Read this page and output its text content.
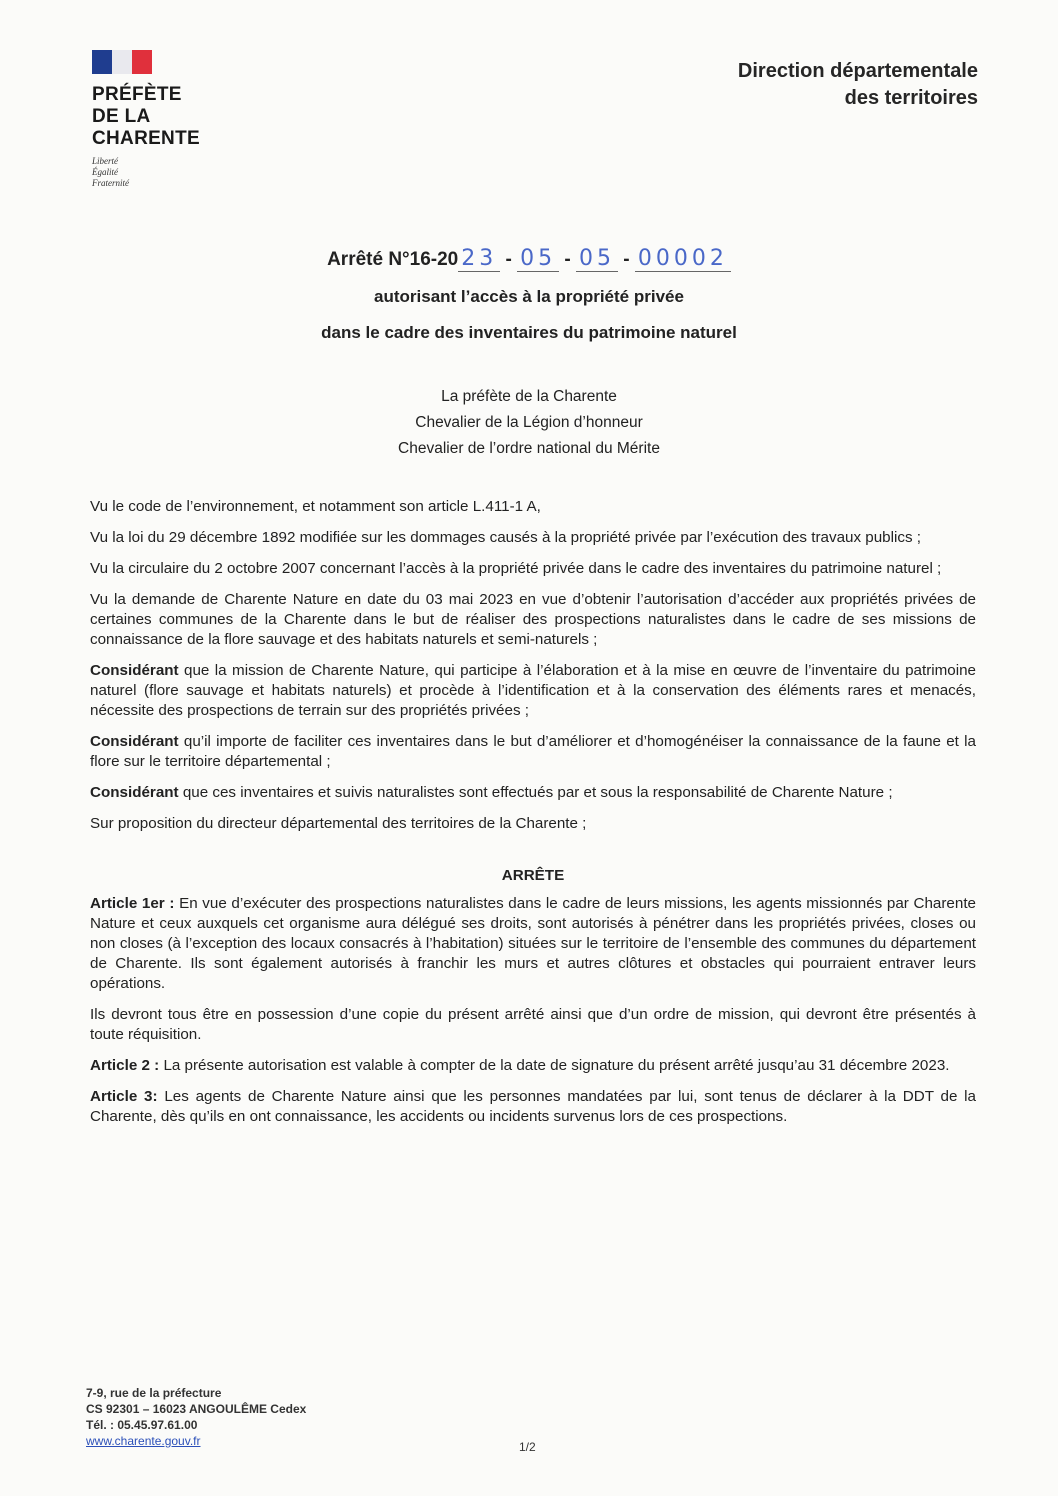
PRÉFÈTE
DE LA
CHARENTE
Liberté
Égalité
Fraternité
Direction départementale
des territoires
Arrêté N°16-20 23 - 05 - 05 - 00002
autorisant l’accès à la propriété privée
dans le cadre des inventaires du patrimoine naturel
La préfète de la Charente
Chevalier de la Légion d’honneur
Chevalier de l’ordre national du Mérite

Vu le code de l’environnement, et notamment son article L.411-1 A,

Vu la loi du 29 décembre 1892 modifiée sur les dommages causés à la propriété privée par l’exécution des travaux publics ;

Vu la circulaire du 2 octobre 2007 concernant l’accès à la propriété privée dans le cadre des inventaires du patrimoine naturel ;

Vu la demande de Charente Nature en date du 03 mai 2023 en vue d’obtenir l’autorisation d’accéder aux propriétés privées de certaines communes de la Charente dans le but de réaliser des prospections naturalistes dans le cadre de ses missions de connaissance de la flore sauvage et des habitats naturels et semi-naturels ;

Considérant que la mission de Charente Nature, qui participe à l’élaboration et à la mise en œuvre de l’inventaire du patrimoine naturel (flore sauvage et habitats naturels) et procède à l’identification et à la conservation des éléments rares et menacés, nécessite des prospections de terrain sur des propriétés privées ;

Considérant qu’il importe de faciliter ces inventaires dans le but d’améliorer et d’homogénéiser la connaissance de la faune et la flore sur le territoire départemental ;

Considérant que ces inventaires et suivis naturalistes sont effectués par et sous la responsabilité de Charente Nature ;

Sur proposition du directeur départemental des territoires de la Charente ;

ARRÊTE

Article 1er : En vue d’exécuter des prospections naturalistes dans le cadre de leurs missions, les agents missionnés par Charente Nature et ceux auxquels cet organisme aura délégué ses droits, sont autorisés à pénétrer dans les propriétés privées, closes ou non closes (à l’exception des locaux consacrés à l’habitation) situées sur le territoire de l’ensemble des communes du département de Charente. Ils sont également autorisés à franchir les murs et autres clôtures et obstacles qui pourraient entraver leurs opérations.

Ils devront tous être en possession d’une copie du présent arrêté ainsi que d’un ordre de mission, qui devront être présentés à toute réquisition.

Article 2 : La présente autorisation est valable à compter de la date de signature du présent arrêté jusqu’au 31 décembre 2023.

Article 3: Les agents de Charente Nature ainsi que les personnes mandatées par lui, sont tenus de déclarer à la DDT de la Charente, dès qu’ils en ont connaissance, les accidents ou incidents survenus lors de ces prospections.

7-9, rue de la préfecture
CS 92301 – 16023 ANGOULÊME Cedex
Tél. : 05.45.97.61.00
www.charente.gouv.fr	1/2
